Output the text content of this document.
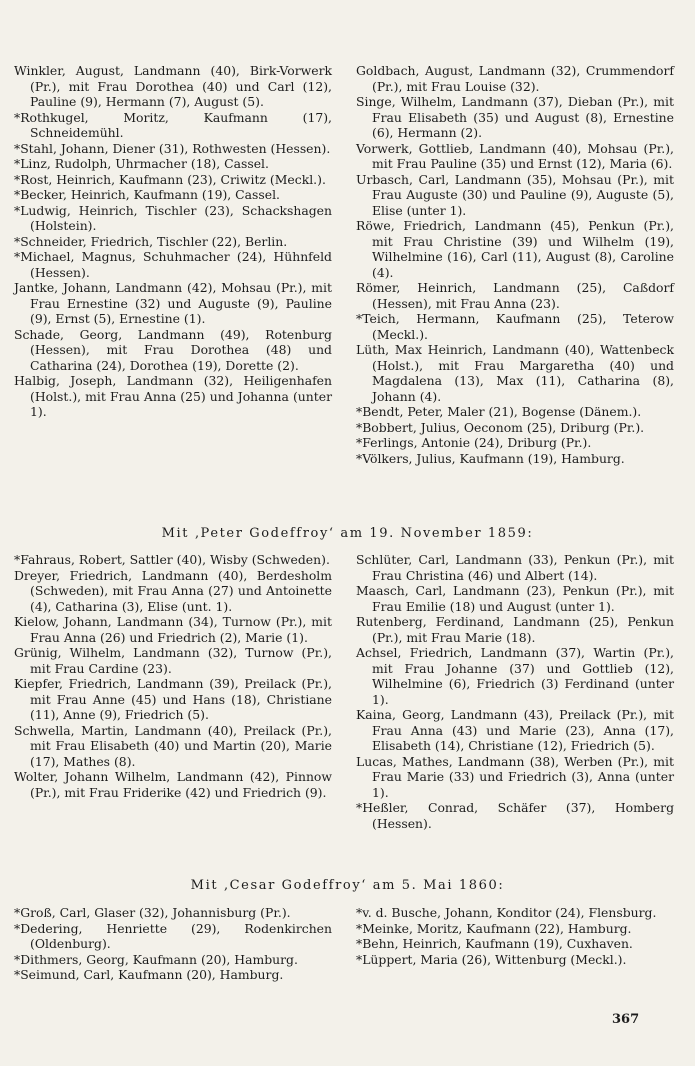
Winkler, August, Landmann (40), Birk-Vorwerk (Pr.), mit Frau Dorothea (40) und Carl (12), Pauline (9), Hermann (7), August (5).

*Rothkugel, Moritz, Kaufmann (17), Schneidemühl.

*Stahl, Johann, Diener (31), Rothwesten (Hessen).

*Linz, Rudolph, Uhrmacher (18), Cassel.

*Rost, Heinrich, Kaufmann (23), Criwitz (Meckl.).

*Becker, Heinrich, Kaufmann (19), Cassel.

*Ludwig, Heinrich, Tischler (23), Schackshagen (Holstein).

*Schneider, Friedrich, Tischler (22), Berlin.

*Michael, Magnus, Schuhmacher (24), Hühnfeld (Hessen).

Jantke, Johann, Landmann (42), Mohsau (Pr.), mit Frau Ernestine (32) und Auguste (9), Pauline (9), Ernst (5), Ernestine (1).

Schade, Georg, Landmann (49), Rotenburg (Hessen), mit Frau Dorothea (48) und Catharina (24), Dorothea (19), Dorette (2).

Halbig, Joseph, Landmann (32), Heiligenhafen (Holst.), mit Frau Anna (25) und Johanna (unter 1).

Goldbach, August, Landmann (32), Crummendorf (Pr.), mit Frau Louise (32).

Singe, Wilhelm, Landmann (37), Dieban (Pr.), mit Frau Elisabeth (35) und August (8), Ernestine (6), Hermann (2).

Vorwerk, Gottlieb, Landmann (40), Mohsau (Pr.), mit Frau Pauline (35) und Ernst (12), Maria (6).

Urbasch, Carl, Landmann (35), Mohsau (Pr.), mit Frau Auguste (30) und Pauline (9), Auguste (5), Elise (unter 1).

Röwe, Friedrich, Landmann (45), Penkun (Pr.), mit Frau Christine (39) und Wilhelm (19), Wilhelmine (16), Carl (11), August (8), Caroline (4).

Römer, Heinrich, Landmann (25), Caßdorf (Hessen), mit Frau Anna (23).

*Teich, Hermann, Kaufmann (25), Teterow (Meckl.).

Lüth, Max Heinrich, Landmann (40), Wattenbeck (Holst.), mit Frau Margaretha (40) und Magdalena (13), Max (11), Catharina (8), Johann (4).

*Bendt, Peter, Maler (21), Bogense (Dänem.).

*Bobbert, Julius, Oeconom (25), Driburg (Pr.).

*Ferlings, Antonie (24), Driburg (Pr.).

*Völkers, Julius, Kaufmann (19), Hamburg.

Mit ‚Peter Godeffroy‘ am 19. November 1859:

*Fahraus, Robert, Sattler (40), Wisby (Schweden).

Dreyer, Friedrich, Landmann (40), Berdesholm (Schweden), mit Frau Anna (27) und Antoinette (4), Catharina (3), Elise (unt. 1).

Kielow, Johann, Landmann (34), Turnow (Pr.), mit Frau Anna (26) und Friedrich (2), Marie (1).

Grünig, Wilhelm, Landmann (32), Turnow (Pr.), mit Frau Cardine (23).

Kiepfer, Friedrich, Landmann (39), Preilack (Pr.), mit Frau Anne (45) und Hans (18), Christiane (11), Anne (9), Friedrich (5).

Schwella, Martin, Landmann (40), Preilack (Pr.), mit Frau Elisabeth (40) und Martin (20), Marie (17), Mathes (8).

Wolter, Johann Wilhelm, Landmann (42), Pinnow (Pr.), mit Frau Friderike (42) und Friedrich (9).

Schlüter, Carl, Landmann (33), Penkun (Pr.), mit Frau Christina (46) und Albert (14).

Maasch, Carl, Landmann (23), Penkun (Pr.), mit Frau Emilie (18) und August (unter 1).

Rutenberg, Ferdinand, Landmann (25), Penkun (Pr.), mit Frau Marie (18).

Achsel, Friedrich, Landmann (37), Wartin (Pr.), mit Frau Johanne (37) und Gottlieb (12), Wilhelmine (6), Friedrich (3) Ferdinand (unter 1).

Kaina, Georg, Landmann (43), Preilack (Pr.), mit Frau Anna (43) und Marie (23), Anna (17), Elisabeth (14), Christiane (12), Friedrich (5).

Lucas, Mathes, Landmann (38), Werben (Pr.), mit Frau Marie (33) und Friedrich (3), Anna (unter 1).

*Heßler, Conrad, Schäfer (37), Homberg (Hessen).

Mit ‚Cesar Godeffroy‘ am 5. Mai 1860:

*Groß, Carl, Glaser (32), Johannisburg (Pr.).

*Dedering, Henriette (29), Rodenkirchen (Oldenburg).

*Dithmers, Georg, Kaufmann (20), Hamburg.

*Seimund, Carl, Kaufmann (20), Hamburg.

*v. d. Busche, Johann, Konditor (24), Flensburg.

*Meinke, Moritz, Kaufmann (22), Hamburg.

*Behn, Heinrich, Kaufmann (19), Cuxhaven.

*Lüppert, Maria (26), Wittenburg (Meckl.).

367
